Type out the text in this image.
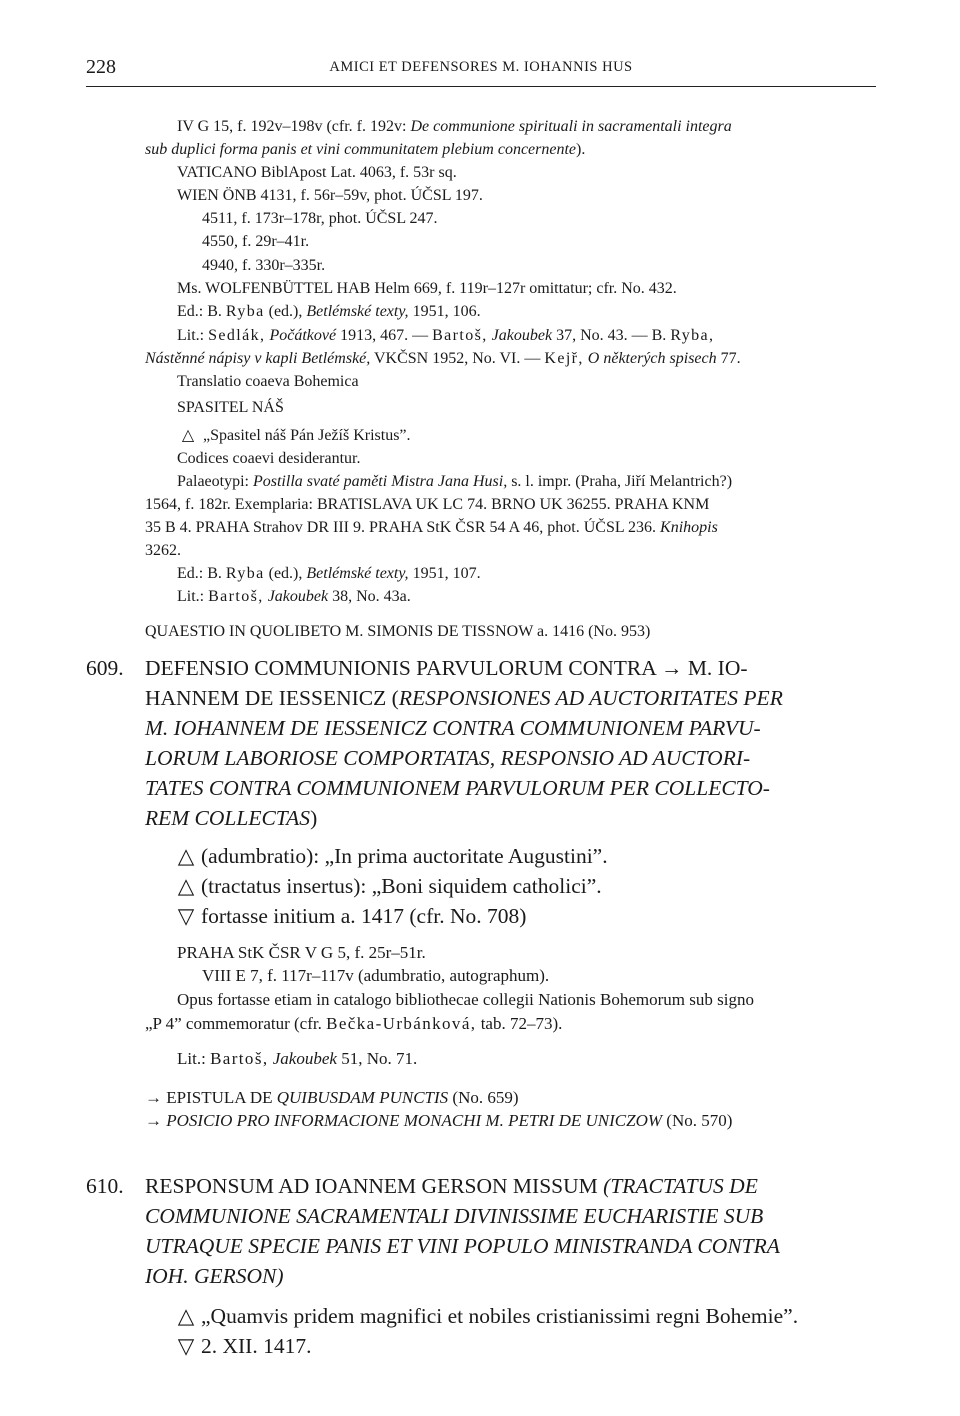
228	AMICI ET DEFENSORES M. IOHANNIS HUS
IV G 15, f. 192v–198v (cfr. f. 192v: De communione spirituali in sacramentali integra
sub duplici forma panis et vini communitatem plebium concernente).
VATICANO BiblApost Lat. 4063, f. 53r sq.
WIEN ÖNB 4131, f. 56r–59v, phot. ÚČSL 197.
4511, f. 173r–178r, phot. ÚČSL 247.
4550, f. 29r–41r.
4940, f. 330r–335r.
Ms. WOLFENBÜTTEL HAB Helm 669, f. 119r–127r omittatur; cfr. No. 432.
Ed.: B. Ryba (ed.), Betlémské texty, 1951, 106.
Lit.: Sedlák, Počátkové 1913, 467. — Bartoš, Jakoubek 37, No. 43. — B. Ryba,
Nástěnné nápisy v kapli Betlémské, VKČSN 1952, No. VI. — Kejř, O některých spisech 77.
Translatio coaeva Bohemica
SPASITEL NÁŠ
△ „Spasitel náš Pán Ježíš Kristus”.
Codices coaevi desiderantur.
Palaeotypi: Postilla svaté paměti Mistra Jana Husi, s. l. impr. (Praha, Jiří Melantrich?)
1564, f. 182r. Exemplaria: BRATISLAVA UK LC 74. BRNO UK 36255. PRAHA KNM
35 B 4. PRAHA Strahov DR III 9. PRAHA StK ČSR 54 A 46, phot. ÚČSL 236. Knihopis
3262.
Ed.: B. Ryba (ed.), Betlémské texty, 1951, 107.
Lit.: Bartoš, Jakoubek 38, No. 43a.
QUAESTIO IN QUOLIBETO M. SIMONIS DE TISSNOW a. 1416 (No. 953)
609. DEFENSIO COMMUNIONIS PARVULORUM CONTRA → M. IO-
HANNEM DE IESSENICZ (RESPONSIONES AD AUCTORITATES PER
M. IOHANNEM DE IESSENICZ CONTRA COMMUNIONEM PARVU-
LORUM LABORIOSE COMPORTATAS, RESPONSIO AD AUCTORI-
TATES CONTRA COMMUNIONEM PARVULORUM PER COLLECTO-
REM COLLECTAS)
△ (adumbratio): „In prima auctoritate Augustini”.
△ (tractatus insertus): „Boni siquidem catholici”.
▽ fortasse initium a. 1417 (cfr. No. 708)
PRAHA StK ČSR V G 5, f. 25r–51r.
VIII E 7, f. 117r–117v (adumbratio, autographum).
Opus fortasse etiam in catalogo bibliothecae collegii Nationis Bohemorum sub signo
„P 4” commemoratur (cfr. Bečka-Urbánková, tab. 72–73).
Lit.: Bartoš, Jakoubek 51, No. 71.
→ EPISTULA DE QUIBUSDAM PUNCTIS (No. 659)
→ POSICIO PRO INFORMACIONE MONACHI M. PETRI DE UNICZOW (No. 570)
610. RESPONSUM AD IOANNEM GERSON MISSUM (TRACTATUS DE
COMMUNIONE SACRAMENTALI DIVINISSIME EUCHARISTIE SUB
UTRAQUE SPECIE PANIS ET VINI POPULO MINISTRANDA CONTRA
IOH. GERSON)
△ „Quamvis pridem magnifici et nobiles cristianissimi regni Bohemie”.
▽ 2. XII. 1417.
